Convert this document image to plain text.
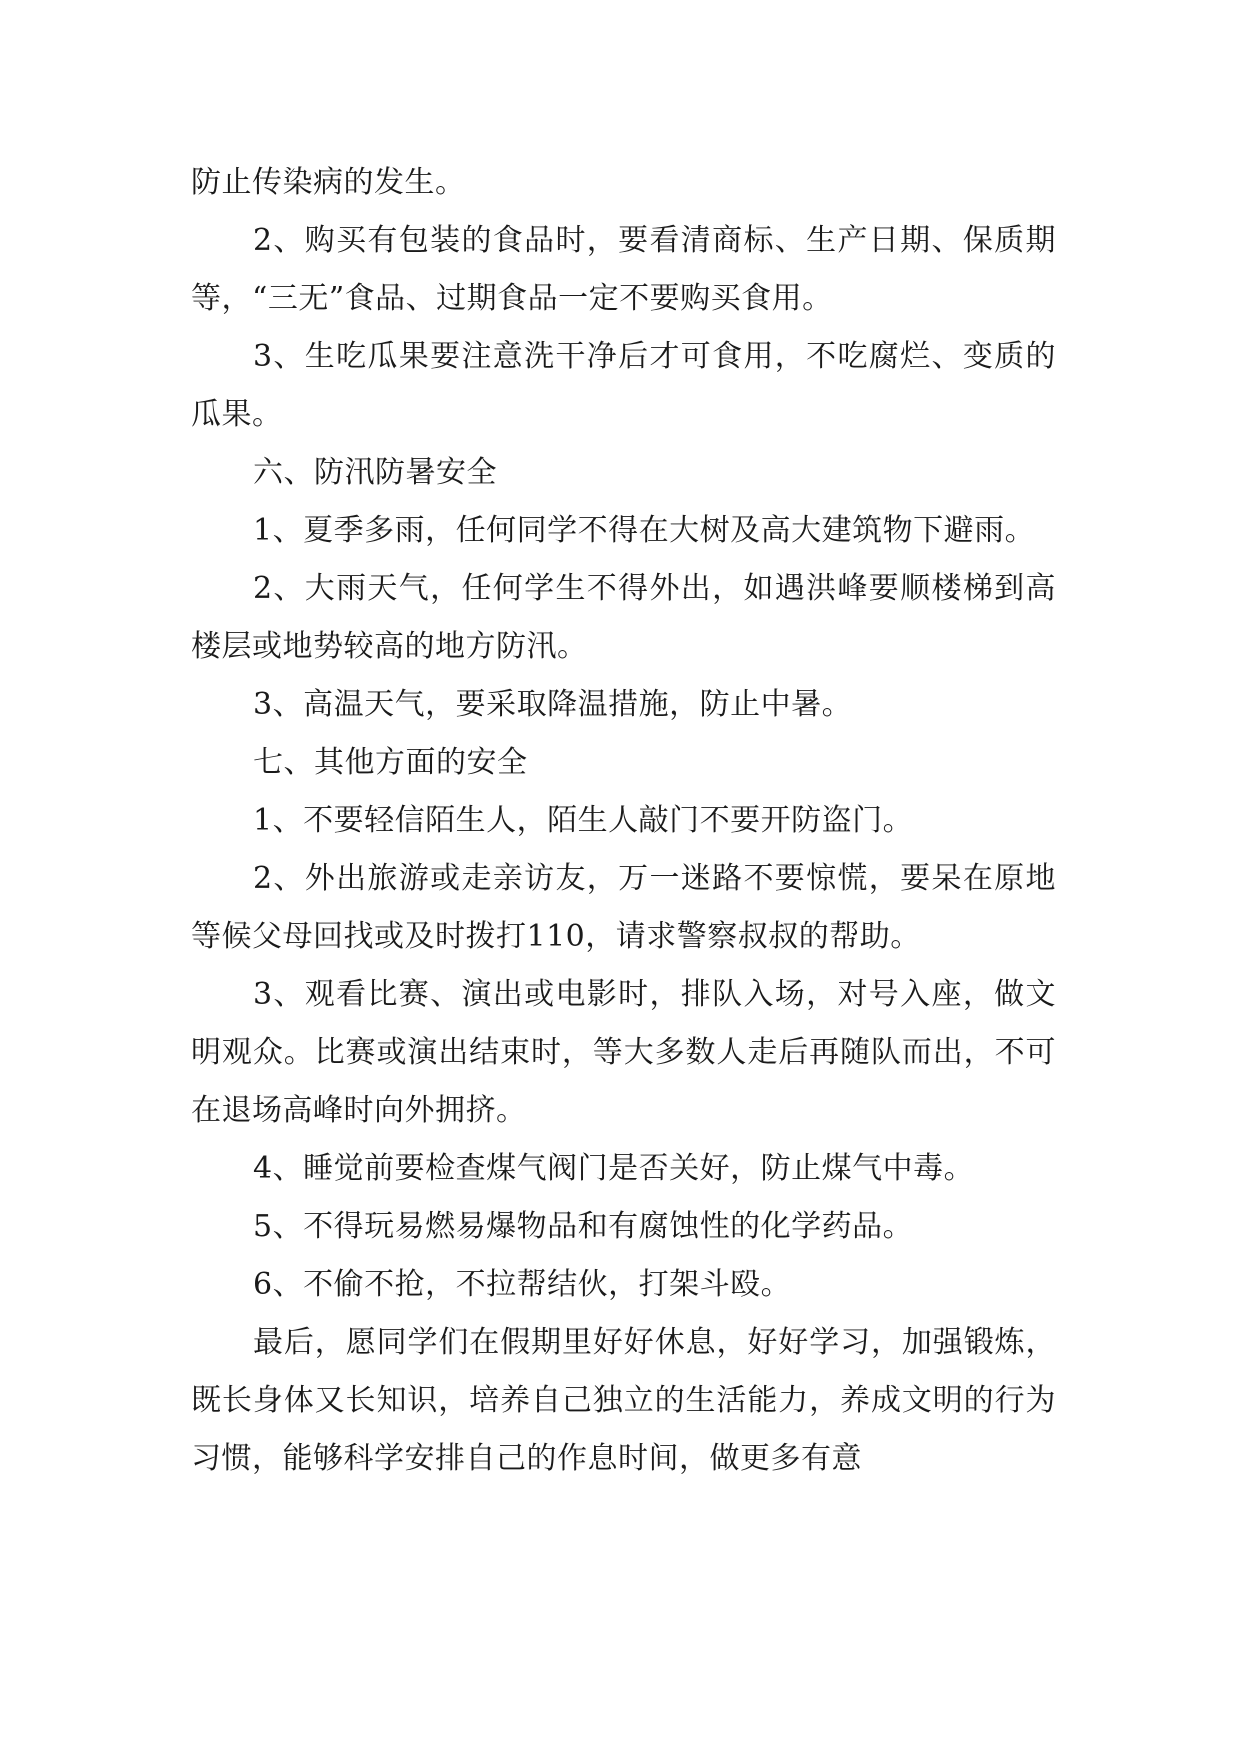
防止传染病的发生。

2、购买有包装的食品时，要看清商标、生产日期、保质期等，“三无”食品、过期食品一定不要购买食用。

3、生吃瓜果要注意洗干净后才可食用，不吃腐烂、变质的瓜果。

六、防汛防暑安全

1、夏季多雨，任何同学不得在大树及高大建筑物下避雨。

2、大雨天气，任何学生不得外出，如遇洪峰要顺楼梯到高楼层或地势较高的地方防汛。

3、高温天气，要采取降温措施，防止中暑。

七、其他方面的安全

1、不要轻信陌生人，陌生人敲门不要开防盗门。

2、外出旅游或走亲访友，万一迷路不要惊慌，要呆在原地等候父母回找或及时拨打110，请求警察叔叔的帮助。

3、观看比赛、演出或电影时，排队入场，对号入座，做文明观众。比赛或演出结束时，等大多数人走后再随队而出，不可在退场高峰时向外拥挤。

4、睡觉前要检查煤气阀门是否关好，防止煤气中毒。

5、不得玩易燃易爆物品和有腐蚀性的化学药品。

6、不偷不抢，不拉帮结伙，打架斗殴。

最后，愿同学们在假期里好好休息，好好学习，加强锻炼，既长身体又长知识，培养自己独立的生活能力，养成文明的行为习惯，能够科学安排自己的作息时间，做更多有意
